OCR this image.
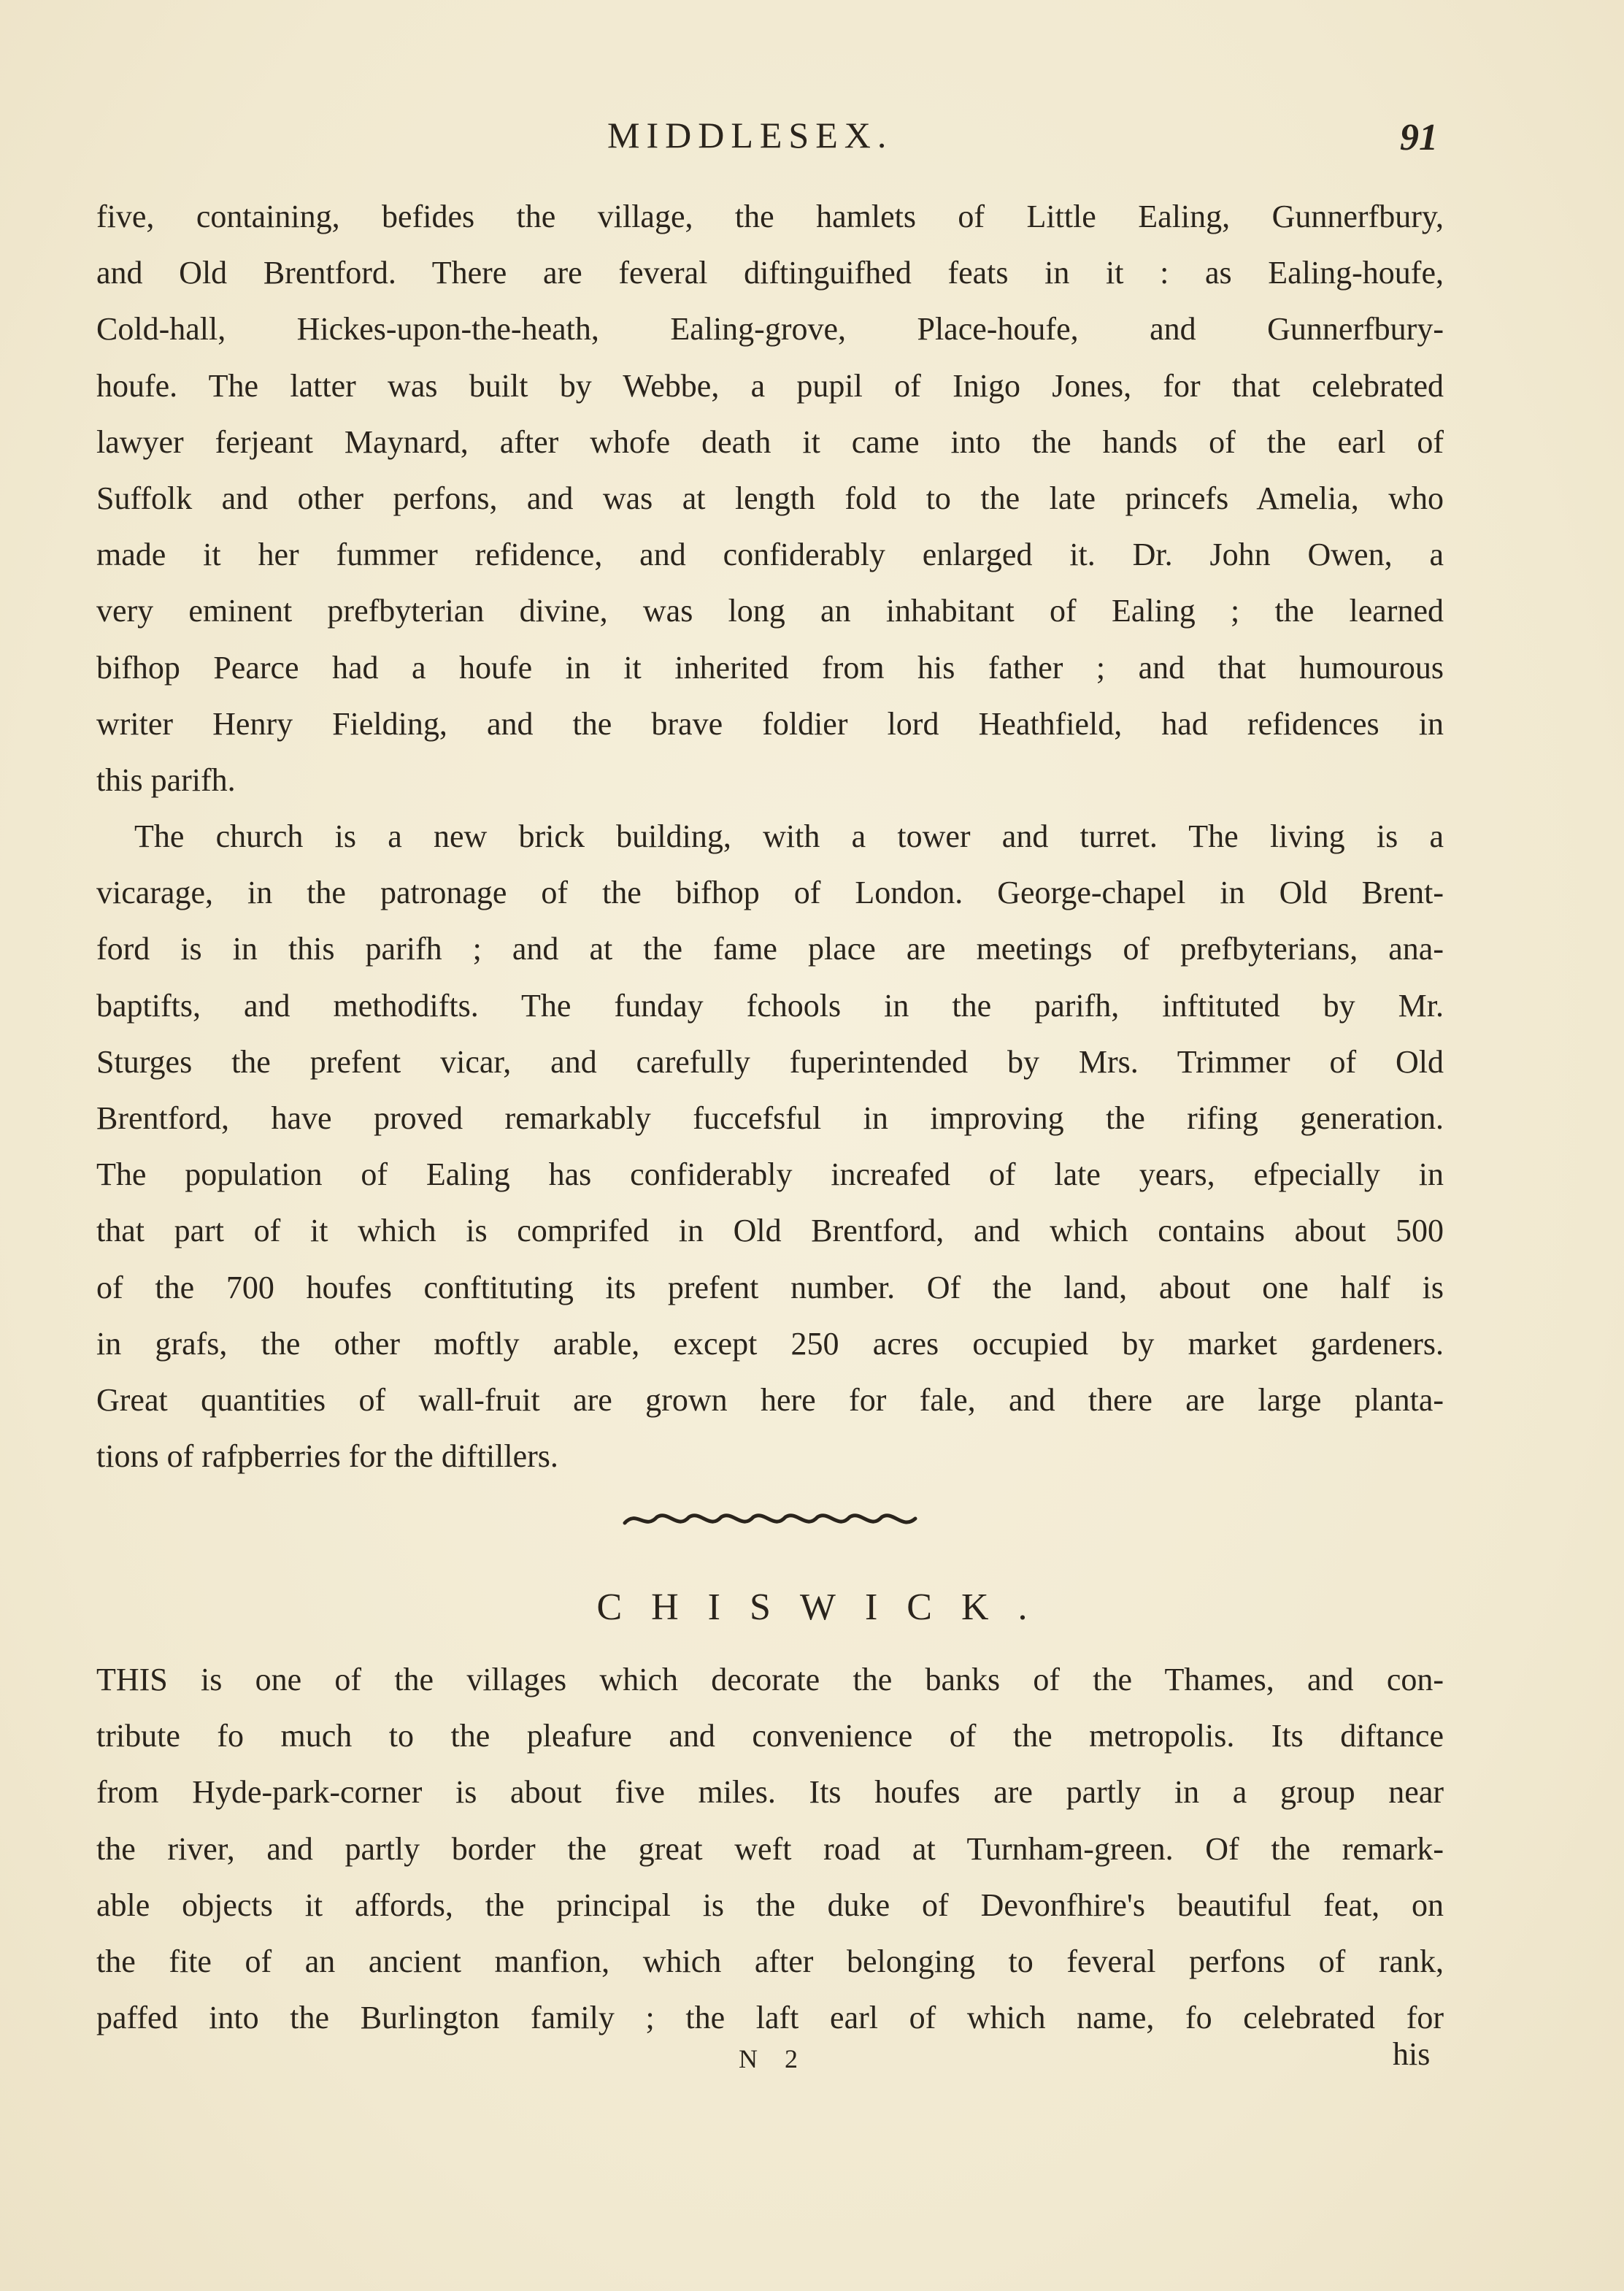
MIDDLESEX.	91
five, containing, befides the village, the hamlets of Little Ealing, Gunnerfbury,
and Old Brentford. There are feveral diftinguifhed feats in it : as Ealing-houfe,
Cold-hall, Hickes-upon-the-heath, Ealing-grove, Place-houfe, and Gunnerfbury-
houfe. The latter was built by Webbe, a pupil of Inigo Jones, for that celebrated
lawyer ferjeant Maynard, after whofe death it came into the hands of the earl of
Suffolk and other perfons, and was at length fold to the late princefs Amelia, who
made it her fummer refidence, and confiderably enlarged it. Dr. John Owen, a
very eminent prefbyterian divine, was long an inhabitant of Ealing ; the learned
bifhop Pearce had a houfe in it inherited from his father ; and that humourous
writer Henry Fielding, and the brave foldier lord Heathfield, had refidences in
this parifh.
The church is a new brick building, with a tower and turret. The living is a
vicarage, in the patronage of the bifhop of London. George-chapel in Old Brent-
ford is in this parifh ; and at the fame place are meetings of prefbyterians, ana-
baptifts, and methodifts. The funday fchools in the parifh, inftituted by Mr.
Sturges the prefent vicar, and carefully fuperintended by Mrs. Trimmer of Old
Brentford, have proved remarkably fuccefsful in improving the rifing generation.
The population of Ealing has confiderably increafed of late years, efpecially in
that part of it which is comprifed in Old Brentford, and which contains about 500
of the 700 houfes conftituting its prefent number. Of the land, about one half is
in grafs, the other moftly arable, except 250 acres occupied by market gardeners.
Great quantities of wall-fruit are grown here for fale, and there are large planta-
tions of rafpberries for the diftillers.
CHISWICK.
THIS is one of the villages which decorate the banks of the Thames, and con-
tribute fo much to the pleafure and convenience of the metropolis. Its diftance
from Hyde-park-corner is about five miles. Its houfes are partly in a group near
the river, and partly border the great weft road at Turnham-green. Of the remark-
able objects it affords, the principal is the duke of Devonfhire's beautiful feat, on
the fite of an ancient manfion, which after belonging to feveral perfons of rank,
paffed into the Burlington family ; the laft earl of which name, fo celebrated for
N 2	his
